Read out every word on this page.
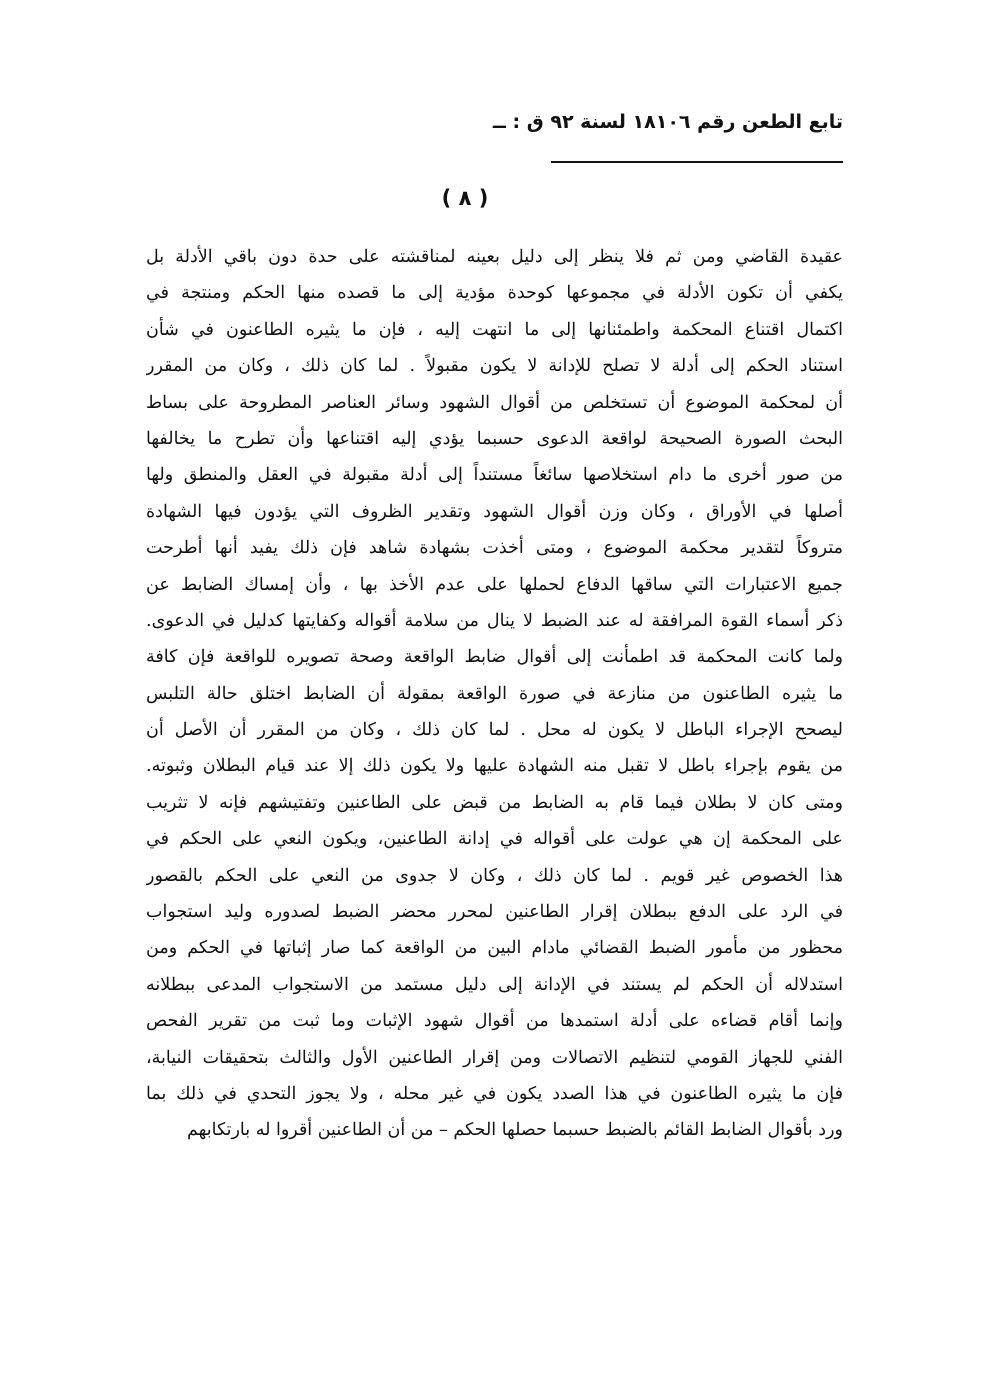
تابع الطعن رقم ١٨١٠٦ لسنة ٩٢ ق : ــ
( ٨ )
عقيدة القاضي ومن ثم فلا ينظر إلى دليل بعينه لمناقشته على حدة دون باقي الأدلة بل
يكفي أن تكون الأدلة في مجموعها كوحدة مؤدية إلى ما قصده منها الحكم ومنتجة في
اكتمال اقتناع المحكمة واطمئنانها إلى ما انتهت إليه ، فإن ما يثيره الطاعنون في شأن
استناد الحكم إلى أدلة لا تصلح للإدانة لا يكون مقبولاً . لما كان ذلك ، وكان من المقرر
أن لمحكمة الموضوع أن تستخلص من أقوال الشهود وسائر العناصر المطروحة على بساط
البحث الصورة الصحيحة لواقعة الدعوى حسبما يؤدي إليه اقتناعها وأن تطرح ما يخالفها
من صور أخرى ما دام استخلاصها سائغاً مستنداً إلى أدلة مقبولة في العقل والمنطق ولها
أصلها في الأوراق ، وكان وزن أقوال الشهود وتقدير الظروف التي يؤدون فيها الشهادة
متروكاً لتقدير محكمة الموضوع ، ومتى أخذت بشهادة شاهد فإن ذلك يفيد أنها أطرحت
جميع الاعتبارات التي ساقها الدفاع لحملها على عدم الأخذ بها ، وأن إمساك الضابط عن
ذكر أسماء القوة المرافقة له عند الضبط لا ينال من سلامة أقواله وكفايتها كدليل في الدعوى.
ولما كانت المحكمة قد اطمأنت إلى أقوال ضابط الواقعة وصحة تصويره للواقعة فإن كافة
ما يثيره الطاعنون من منازعة في صورة الواقعة بمقولة أن الضابط اختلق حالة التلبس
ليصحح الإجراء الباطل لا يكون له محل . لما كان ذلك ، وكان من المقرر أن الأصل أن
من يقوم بإجراء باطل لا تقبل منه الشهادة عليها ولا يكون ذلك إلا عند قيام البطلان وثبوته.
ومتى كان لا بطلان فيما قام به الضابط من قبض على الطاعنين وتفتيشهم فإنه لا تثريب
على المحكمة إن هي عولت على أقواله في إدانة الطاعنين، ويكون النعي على الحكم في
هذا الخصوص غير قويم . لما كان ذلك ، وكان لا جدوى من النعي على الحكم بالقصور
في الرد على الدفع ببطلان إقرار الطاعنين لمحرر محضر الضبط لصدوره وليد استجواب
محظور من مأمور الضبط القضائي مادام البين من الواقعة كما صار إثباتها في الحكم ومن
استدلاله أن الحكم لم يستند في الإدانة إلى دليل مستمد من الاستجواب المدعى ببطلانه
وإنما أقام قضاءه على أدلة استمدها من أقوال شهود الإثبات وما ثبت من تقرير الفحص
الفني للجهاز القومي لتنظيم الاتصالات ومن إقرار الطاعنين الأول والثالث بتحقيقات النيابة،
فإن ما يثيره الطاعنون في هذا الصدد يكون في غير محله ، ولا يجوز التحدي في ذلك بما
ورد بأقوال الضابط القائم بالضبط حسبما حصلها الحكم – من أن الطاعنين أقروا له بارتكابهم
